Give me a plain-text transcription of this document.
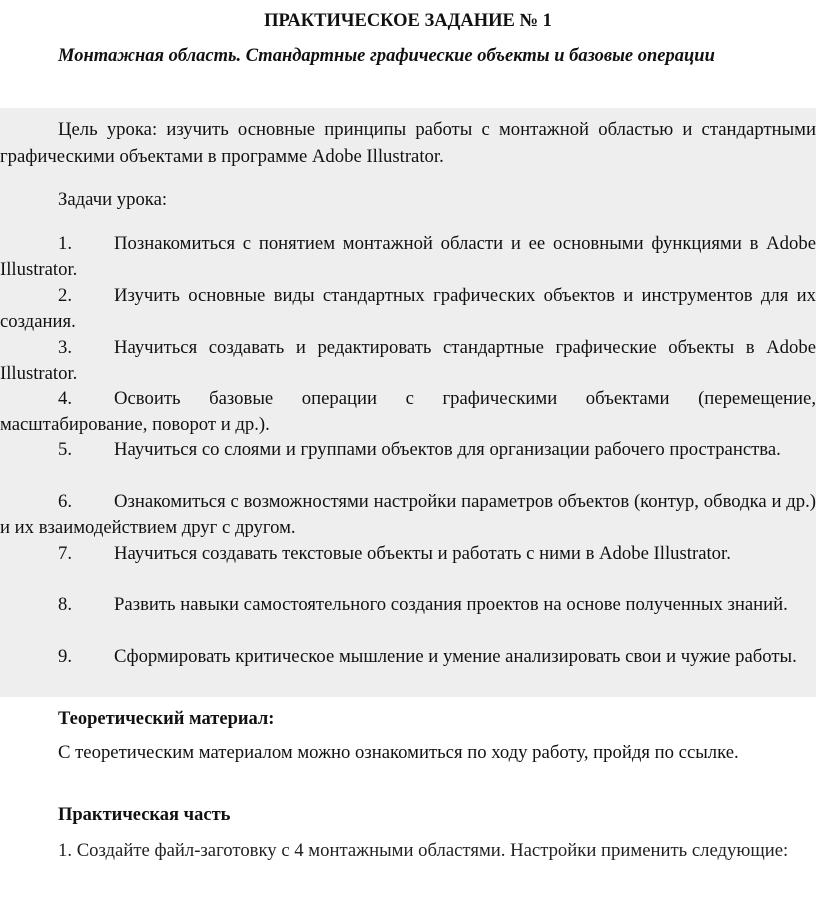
ПРАКТИЧЕСКОЕ ЗАДАНИЕ № 1
Монтажная область. Стандартные графические объекты и базовые операции
Цель урока: изучить основные принципы работы с монтажной областью и стандартными графическими объектами в программе Adobe Illustrator.
Задачи урока:
1. Познакомиться с понятием монтажной области и ее основными функциями в Adobe Illustrator.
2. Изучить основные виды стандартных графических объектов и инструментов для их создания.
3. Научиться создавать и редактировать стандартные графические объекты в Adobe Illustrator.
4. Освоить базовые операции с графическими объектами (перемещение, масштабирование, поворот и др.).
5. Научиться со слоями и группами объектов для организации рабочего пространства.
6. Ознакомиться с возможностями настройки параметров объектов (контур, обводка и др.) и их взаимодействием друг с другом.
7. Научиться создавать текстовые объекты и работать с ними в Adobe Illustrator.
8. Развить навыки самостоятельного создания проектов на основе полученных знаний.
9. Сформировать критическое мышление и умение анализировать свои и чужие работы.
Теоретический материал:
С теоретическим материалом можно ознакомиться по ходу работу, пройдя по ссылке.
Практическая часть
1. Создайте файл-заготовку с 4 монтажными областями. Настройки применить следующие:
